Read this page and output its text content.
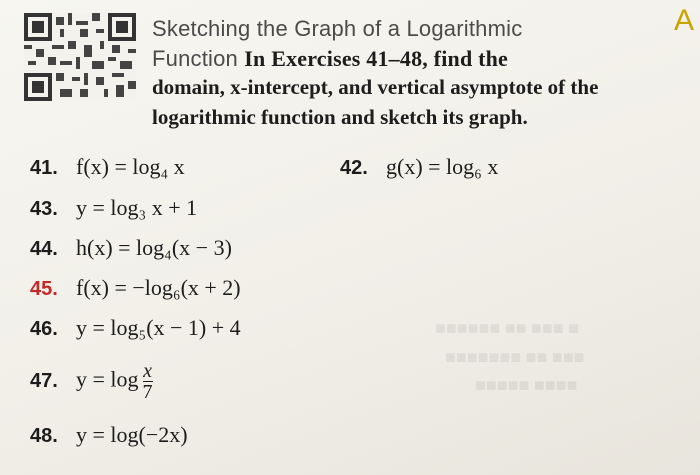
A
■ ■■■ ■■ ■■■■■■
■■■ ■■ ■■■■■■■
■■■■ ■■■■■
Sketching the Graph of a Logarithmic
Function In Exercises 41–48, find the
domain, x-intercept, and vertical asymptote of the logarithmic function and sketch its graph.
41. f(x) = log₄ x	42. g(x) = log₆ x
43. y = log₃ x + 1
44. h(x) = log₄(x − 3)
45. f(x) = −log₆(x + 2)
46. y = log₅(x − 1) + 4
47. $y = \log \frac{x}{7}$
48. y = log(−2x)
